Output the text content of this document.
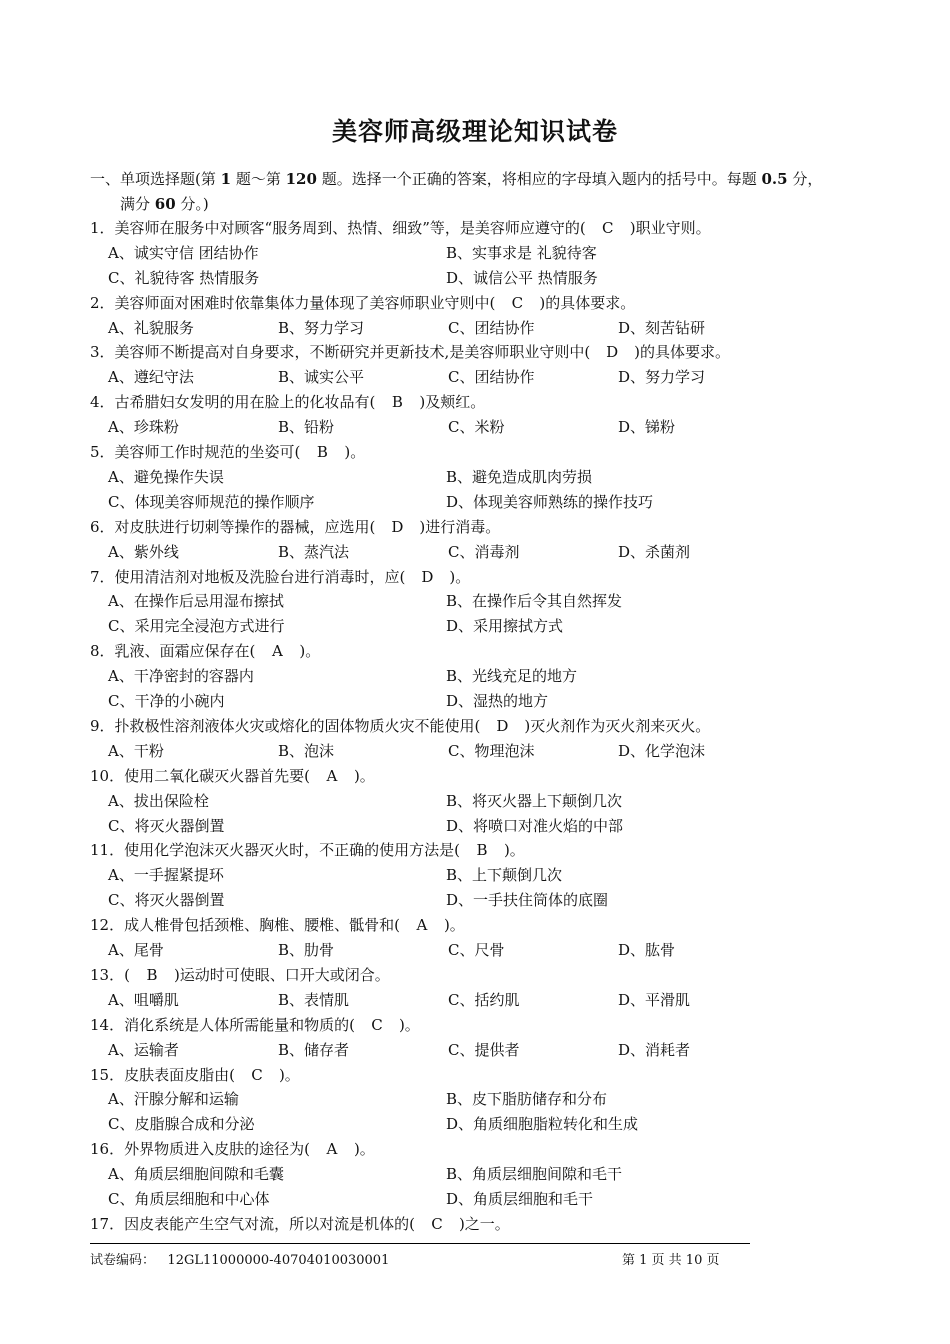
美容师高级理论知识试卷
一、单项选择题(第 1 题～第 120 题。选择一个正确的答案，将相应的字母填入题内的括号中。每题 0.5 分，
满分 60 分。)
1．美容师在服务中对顾客“服务周到、热情、细致”等，是美容师应遵守的( C )职业守则。
A、诚实守信 团结协作	B、实事求是 礼貌待客
C、礼貌待客 热情服务	D、诚信公平 热情服务
2．美容师面对困难时依靠集体力量体现了美容师职业守则中( C )的具体要求。
A、礼貌服务	B、努力学习	C、团结协作	D、刻苦钻研
3．美容师不断提高对自身要求，不断研究并更新技术,是美容师职业守则中( D )的具体要求。
A、遵纪守法	B、诚实公平	C、团结协作	D、努力学习
4．古希腊妇女发明的用在脸上的化妆品有( B )及颊红。
A、珍珠粉	B、铅粉	C、米粉	D、锑粉
5．美容师工作时规范的坐姿可( B )。
A、避免操作失误	B、避免造成肌肉劳损
C、体现美容师规范的操作顺序	D、体现美容师熟练的操作技巧
6．对皮肤进行切刺等操作的器械，应选用( D )进行消毒。
A、紫外线	B、蒸汽法	C、消毒剂	D、杀菌剂
7．使用清洁剂对地板及洗脸台进行消毒时，应( D )。
A、在操作后忌用湿布擦拭	B、在操作后令其自然挥发
C、采用完全浸泡方式进行	D、采用擦拭方式
8．乳液、面霜应保存在( A )。
A、干净密封的容器内	B、光线充足的地方
C、干净的小碗内	D、湿热的地方
9．扑救极性溶剂液体火灾或熔化的固体物质火灾不能使用( D )灭火剂作为灭火剂来灭火。
A、干粉	B、泡沫	C、物理泡沫	D、化学泡沫
10．使用二氧化碳灭火器首先要( A )。
A、拔出保险栓	B、将灭火器上下颠倒几次
C、将灭火器倒置	D、将喷口对准火焰的中部
11．使用化学泡沫灭火器灭火时，不正确的使用方法是( B )。
A、一手握紧提环	B、上下颠倒几次
C、将灭火器倒置	D、一手扶住筒体的底圈
12．成人椎骨包括颈椎、胸椎、腰椎、骶骨和( A )。
A、尾骨	B、肋骨	C、尺骨	D、肱骨
13．( B )运动时可使眼、口开大或闭合。
A、咀嚼肌	B、表情肌	C、括约肌	D、平滑肌
14．消化系统是人体所需能量和物质的( C )。
A、运输者	B、储存者	C、提供者	D、消耗者
15．皮肤表面皮脂由( C )。
A、汗腺分解和运输	B、皮下脂肪储存和分布
C、皮脂腺合成和分泌	D、角质细胞脂粒转化和生成
16．外界物质进入皮肤的途径为( A )。
A、角质层细胞间隙和毛囊	B、角质层细胞间隙和毛干
C、角质层细胞和中心体	D、角质层细胞和毛干
17．因皮表能产生空气对流，所以对流是机体的( C )之一。
试卷编码： 12GL11000000-40704010030001	第 1 页 共 10 页
